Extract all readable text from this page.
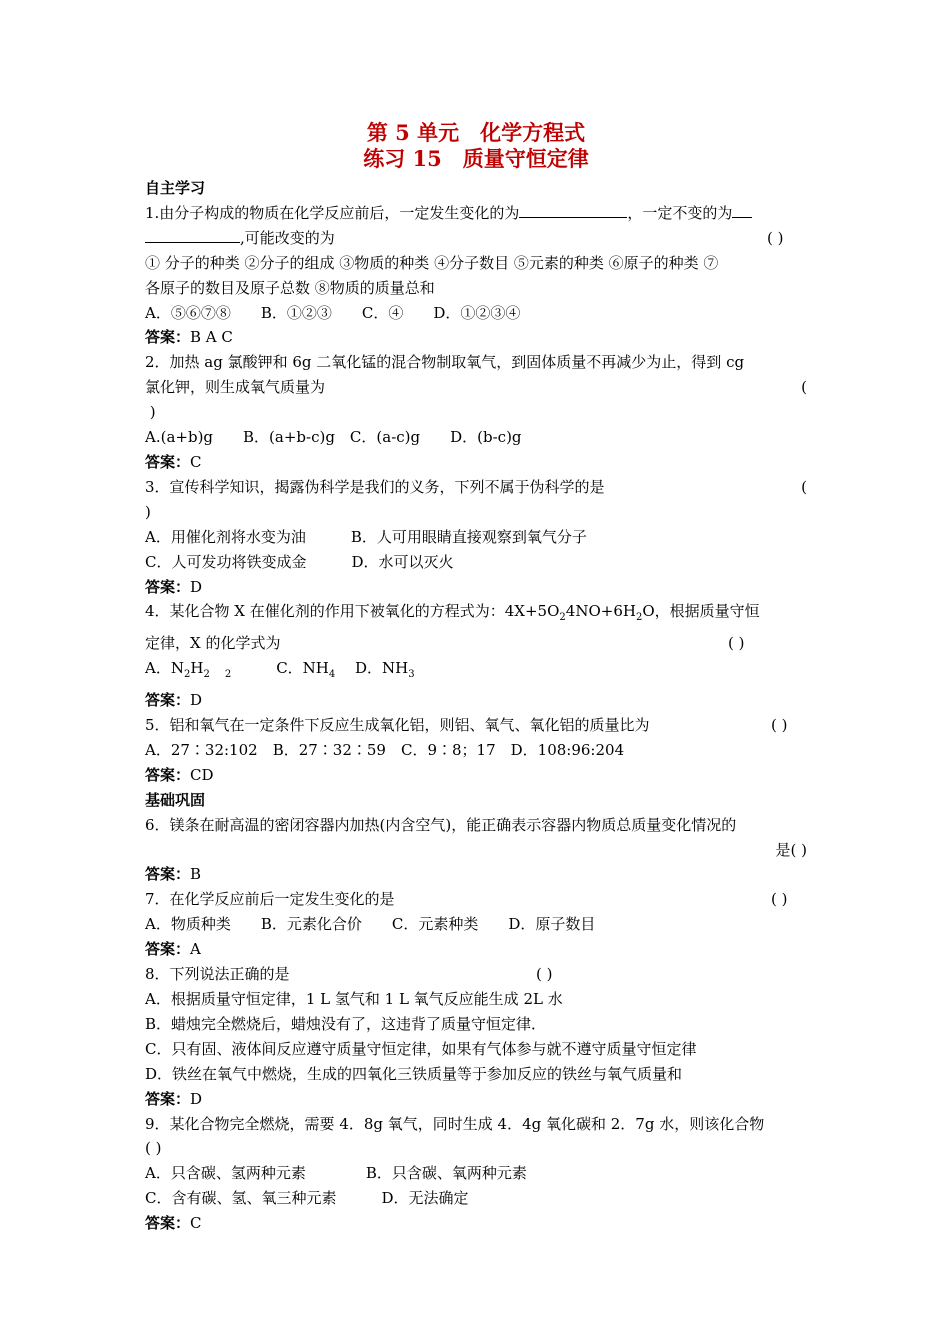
第 5 单元　化学方程式
练习 15　质量守恒定律
自主学习
1.由分子构成的物质在化学反应前后，一定发生变化的为	，一定不变的为
,可能改变的为	( )
① 分子的种类 ②分子的组成 ③物质的种类 ④分子数目 ⑤元素的种类 ⑥原子的种类 ⑦
各原子的数目及原子总数 ⑧物质的质量总和
A．⑤⑥⑦⑧　　B．①②③　　C．④　　D．①②③④
答案：B A C
2．加热 ag 氯酸钾和 6g 二氧化锰的混合物制取氧气，到固体质量不再减少为止，得到 cg
氯化钾，则生成氧气质量为	(
)
A.(a+b)g　　B．(a+b-c)g　C．(a-c)g　　D．(b-c)g
答案：C
3．宣传科学知识，揭露伪科学是我们的义务，下列不属于伪科学的是	(
)
A．用催化剂将水变为油　　　B．人可用眼睛直接观察到氧气分子
C．人可发功将铁变成金　　　D．水可以灭火
答案：D
4．某化合物 X 在催化剂的作用下被氧化的方程式为：$4X+5O_24NO+6H_2O$，根据质量守恒
定律，X 的化学式为	( )
A．$N_2H_2$　 $_2$　　　C．$NH_4$　 D．$NH_3$
答案：D
5．铝和氧气在一定条件下反应生成氧化铝，则铝、氧气、氧化铝的质量比为	( )
A．27∶32:102　B．27∶32∶59　C．9∶8；17　D．108:96:204
答案：CD
基础巩固
6．镁条在耐高温的密闭容器内加热(内含空气)，能正确表示容器内物质总质量变化情况的

是( )
答案：B
7．在化学反应前后一定发生变化的是	( )
A．物质种类　　B．元素化合价　　C．元素种类　　D．原子数目
答案：A
8．下列说法正确的是	( )
A．根据质量守恒定律，1 L 氢气和 1 L 氧气反应能生成 2L 水
B．蜡烛完全燃烧后，蜡烛没有了，这违背了质量守恒定律．
C．只有固、液体间反应遵守质量守恒定律，如果有气体参与就不遵守质量守恒定律
D．铁丝在氧气中燃烧，生成的四氧化三铁质量等于参加反应的铁丝与氧气质量和
答案：D
9．某化合物完全燃烧，需要 4．8g 氧气，同时生成 4．4g 氧化碳和 2．7g 水，则该化合物
( )
A．只含碳、氢两种元素　　　　B．只含碳、氧两种元素
C．含有碳、氢、氧三种元素　　　D．无法确定
答案：C
